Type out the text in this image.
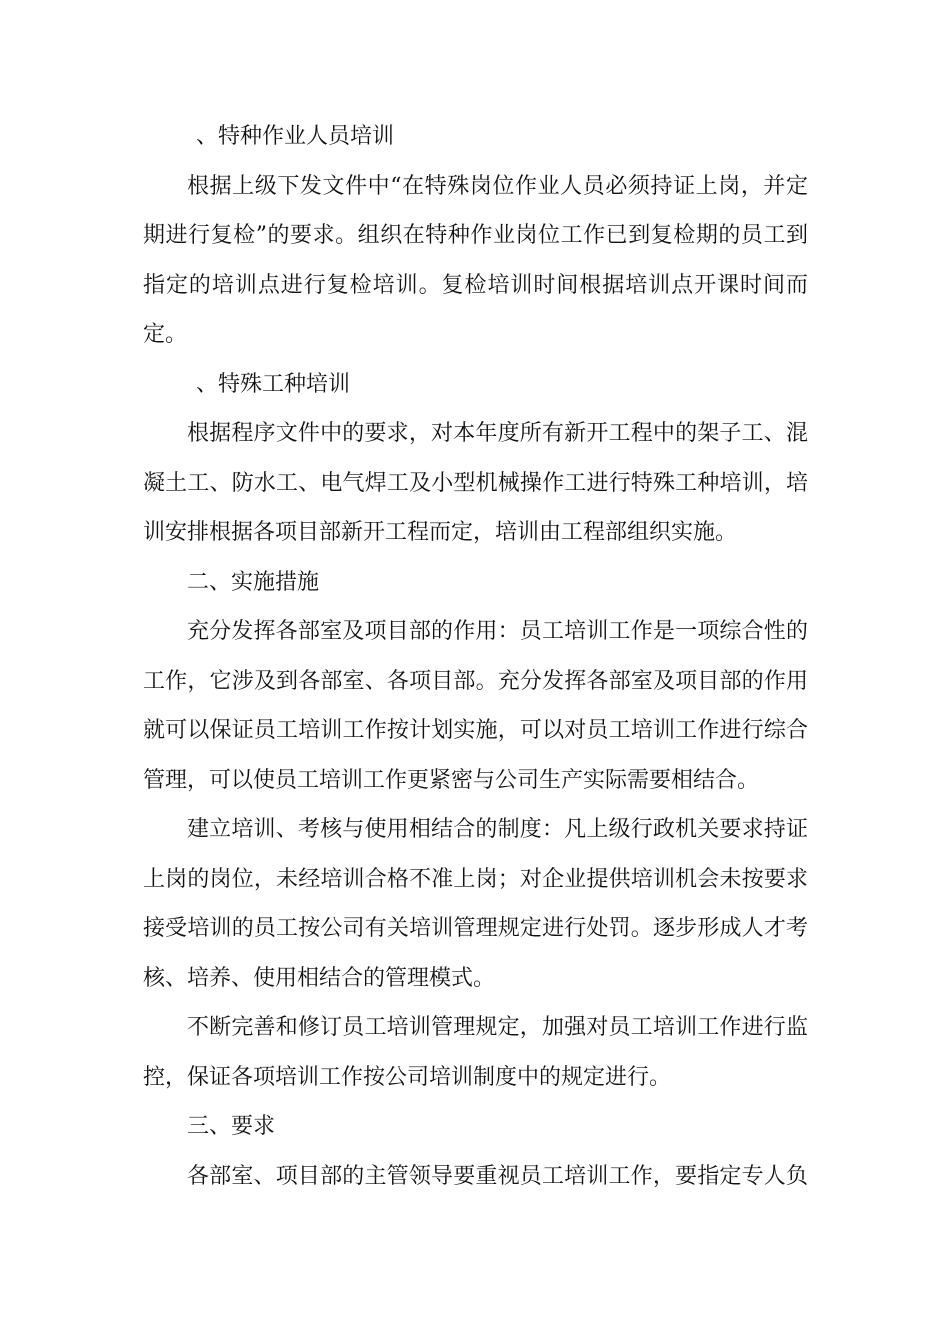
、特种作业人员培训
根据上级下发文件中“在特殊岗位作业人员必须持证上岗，并定
期进行复检”的要求。组织在特种作业岗位工作已到复检期的员工到
指定的培训点进行复检培训。复检培训时间根据培训点开课时间而
定。
、特殊工种培训
根据程序文件中的要求，对本年度所有新开工程中的架子工、混
凝土工、防水工、电气焊工及小型机械操作工进行特殊工种培训，培
训安排根据各项目部新开工程而定，培训由工程部组织实施。
二、实施措施
充分发挥各部室及项目部的作用：员工培训工作是一项综合性的
工作，它涉及到各部室、各项目部。充分发挥各部室及项目部的作用
就可以保证员工培训工作按计划实施，可以对员工培训工作进行综合
管理，可以使员工培训工作更紧密与公司生产实际需要相结合。
建立培训、考核与使用相结合的制度：凡上级行政机关要求持证
上岗的岗位，未经培训合格不准上岗；对企业提供培训机会未按要求
接受培训的员工按公司有关培训管理规定进行处罚。逐步形成人才考
核、培养、使用相结合的管理模式。
不断完善和修订员工培训管理规定，加强对员工培训工作进行监
控，保证各项培训工作按公司培训制度中的规定进行。
三、要求
各部室、项目部的主管领导要重视员工培训工作，要指定专人负
